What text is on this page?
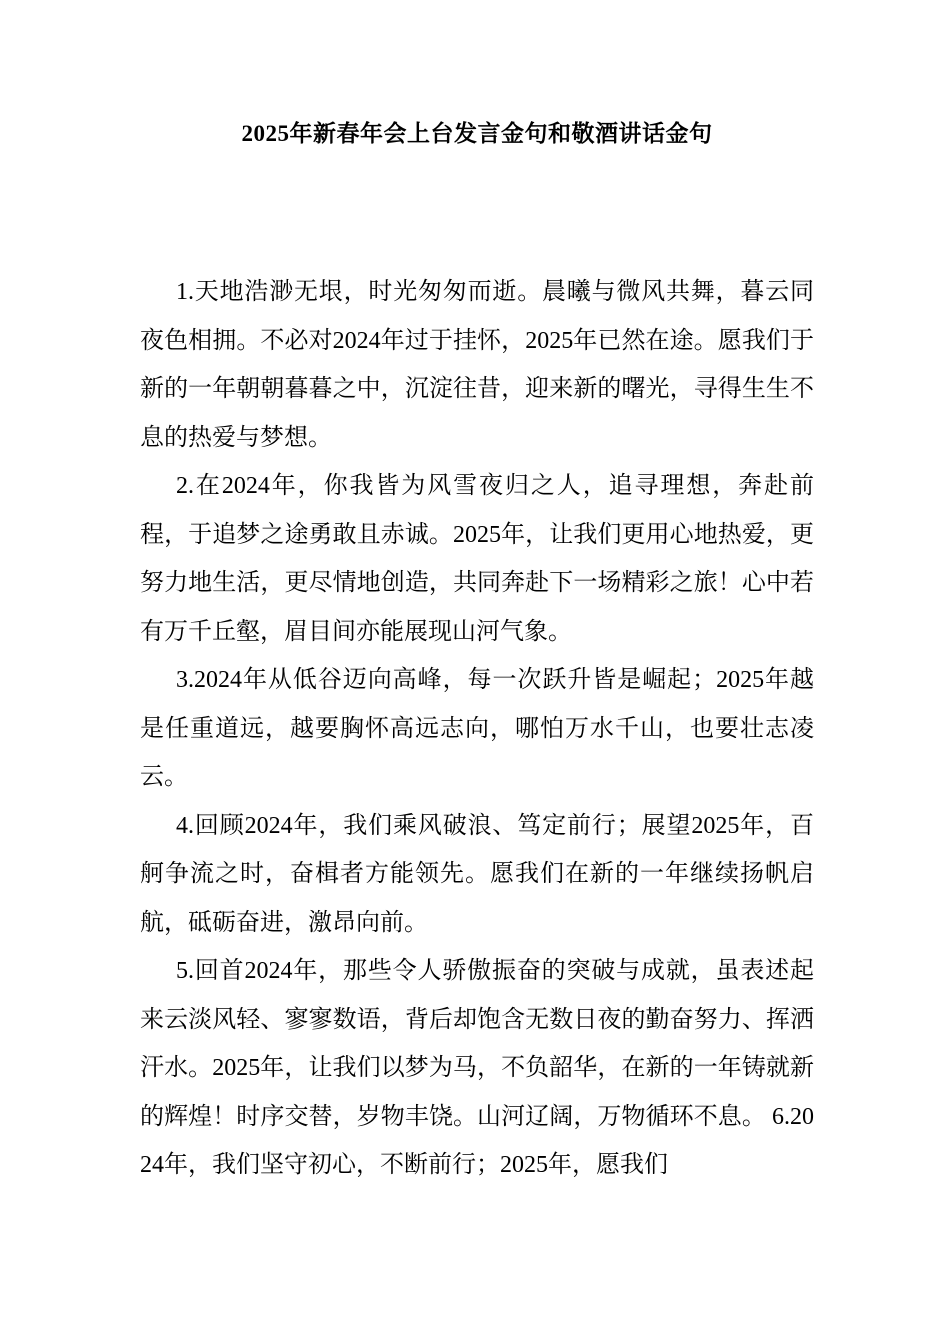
2025年新春年会上台发言金句和敬酒讲话金句

1.天地浩渺无垠，时光匆匆而逝。晨曦与微风共舞，暮云同夜色相拥。不必对2024年过于挂怀，2025年已然在途。愿我们于新的一年朝朝暮暮之中，沉淀往昔，迎来新的曙光，寻得生生不息的热爱与梦想。

2.在2024年，你我皆为风雪夜归之人，追寻理想，奔赴前程，于追梦之途勇敢且赤诚。2025年，让我们更用心地热爱，更努力地生活，更尽情地创造，共同奔赴下一场精彩之旅！心中若有万千丘壑，眉目间亦能展现山河气象。

3.2024年从低谷迈向高峰，每一次跃升皆是崛起；2025年越是任重道远，越要胸怀高远志向，哪怕万水千山，也要壮志凌云。

4.回顾2024年，我们乘风破浪、笃定前行；展望2025年，百舸争流之时，奋楫者方能领先。愿我们在新的一年继续扬帆启航，砥砺奋进，激昂向前。

5.回首2024年，那些令人骄傲振奋的突破与成就，虽表述起来云淡风轻、寥寥数语，背后却饱含无数日夜的勤奋努力、挥洒汗水。2025年，让我们以梦为马，不负韶华，在新的一年铸就新的辉煌！时序交替，岁物丰饶。山河辽阔，万物循环不息。 6.2024年，我们坚守初心，不断前行；2025年，愿我们
